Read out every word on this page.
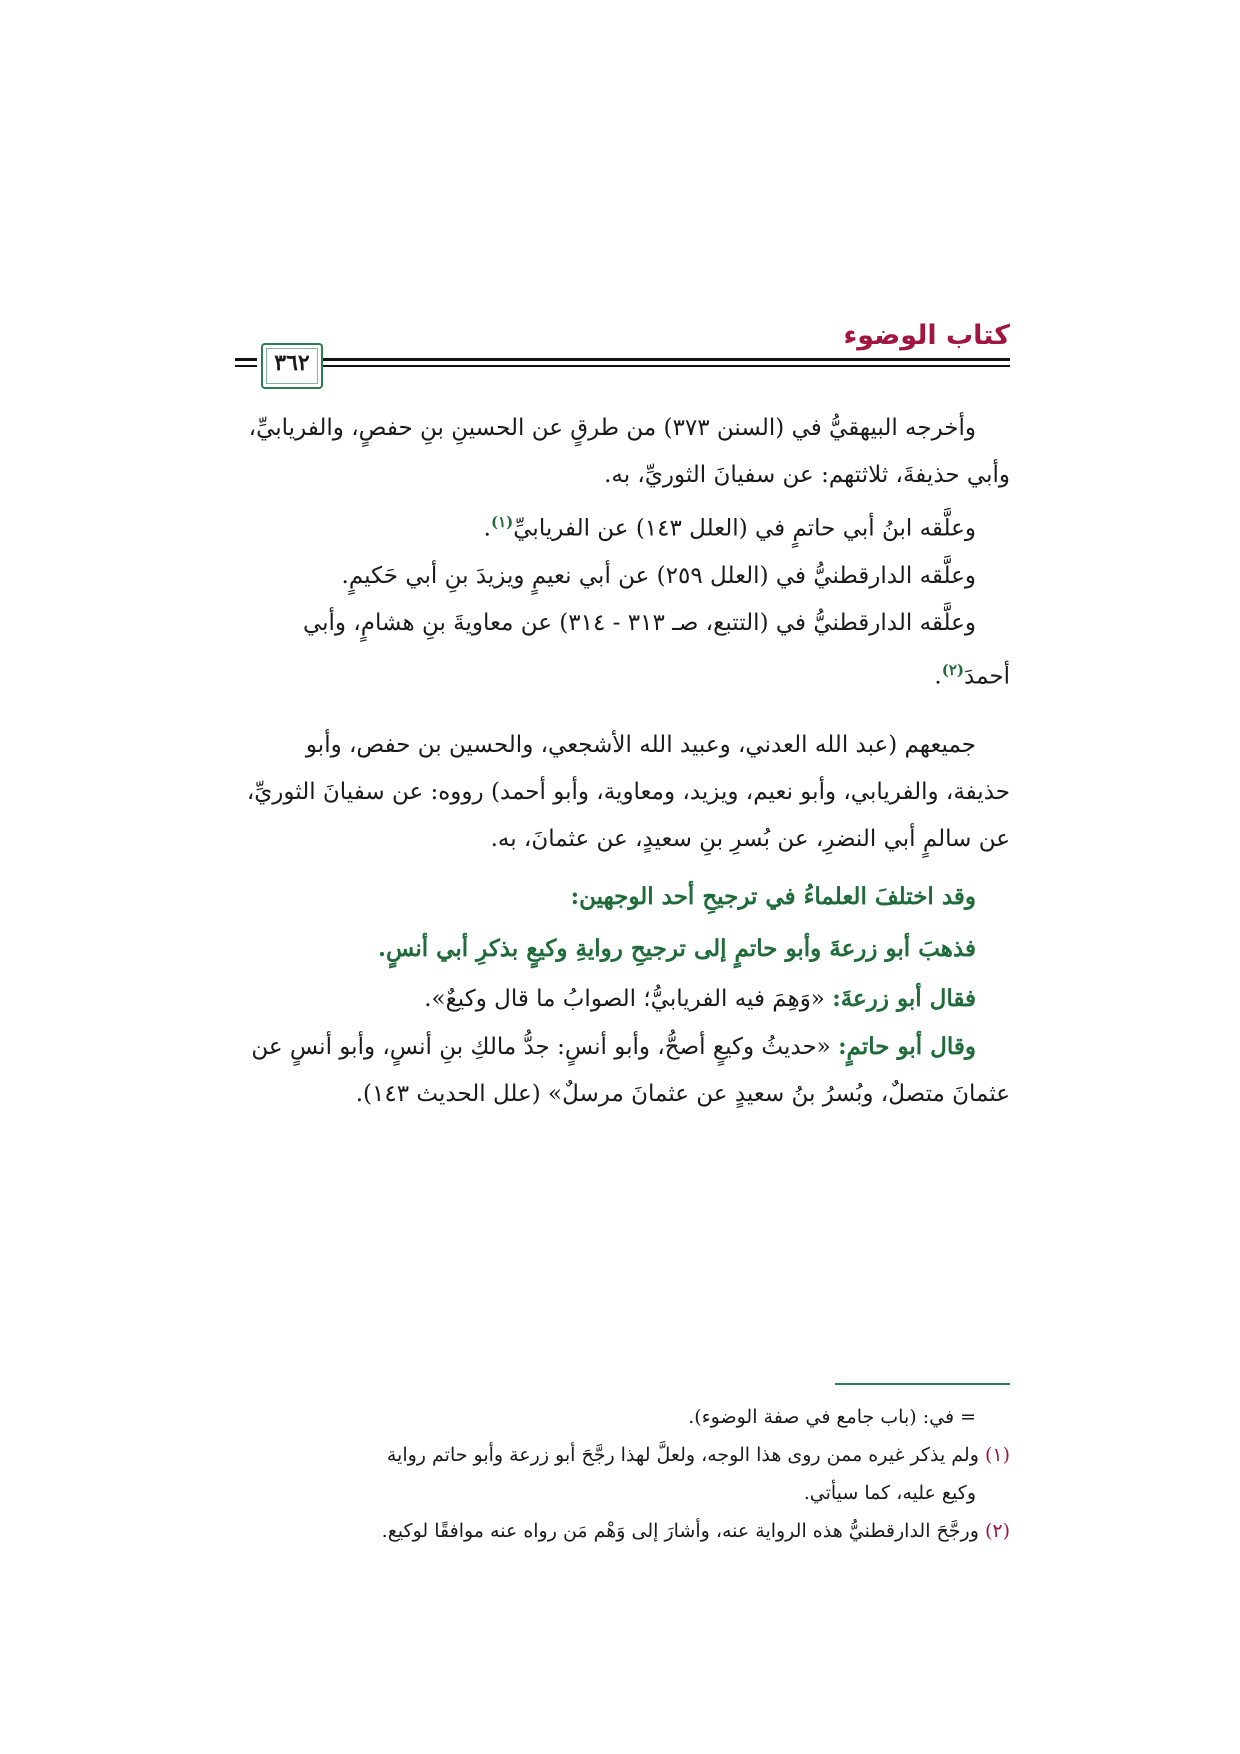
كتاب الوضوء
٣٦٢

وأخرجه البيهقيُّ في (السنن ٣٧٣) من طرقٍ عن الحسينِ بنِ حفصٍ، والفريابيِّ، وأبي حذيفةَ، ثلاثتهم: عن سفيانَ الثوريِّ، به.

وعلَّقه ابنُ أبي حاتمٍ في (العلل ١٤٣) عن الفريابيِّ$^{(١)}$.

وعلَّقه الدارقطنيُّ في (العلل ٢٥٩) عن أبي نعيمٍ ويزيدَ بنِ أبي حَكيمٍ.

وعلَّقه الدارقطنيُّ في (التتبع، صـ ٣١٣ - ٣١٤) عن معاويةَ بنِ هشامٍ، وأبي أحمدَ$^{(٢)}$.

جميعهم (عبد الله العدني، وعبيد الله الأشجعي، والحسين بن حفص، وأبو حذيفة، والفريابي، وأبو نعيم، ويزيد، ومعاوية، وأبو أحمد) رووه: عن سفيانَ الثوريِّ، عن سالمٍ أبي النضرِ، عن بُسرِ بنِ سعيدٍ، عن عثمانَ، به.

وقد اختلفَ العلماءُ في ترجيحِ أحد الوجهين:

فذهبَ أبو زرعةَ وأبو حاتمٍ إلى ترجيحِ روايةِ وكيعٍ بذكرِ أبي أنسٍ.

فقال أبو زرعةَ: «وَهِمَ فيه الفريابيُّ؛ الصوابُ ما قال وكيعٌ».

وقال أبو حاتمٍ: «حديثُ وكيعٍ أصحُّ، وأبو أنسٍ: جدُّ مالكِ بنِ أنسٍ، وأبو أنسٍ عن عثمانَ متصلٌ، وبُسرُ بنُ سعيدٍ عن عثمانَ مرسلٌ» (علل الحديث ١٤٣).

= في: (باب جامع في صفة الوضوء).

(١) ولم يذكر غيره ممن روى هذا الوجه، ولعلَّ لهذا رجَّحَ أبو زرعة وأبو حاتم رواية

وكيع عليه، كما سيأتي.

(٢) ورجَّحَ الدارقطنيُّ هذه الرواية عنه، وأشارَ إلى وَهْم مَن رواه عنه موافقًا لوكيع.
